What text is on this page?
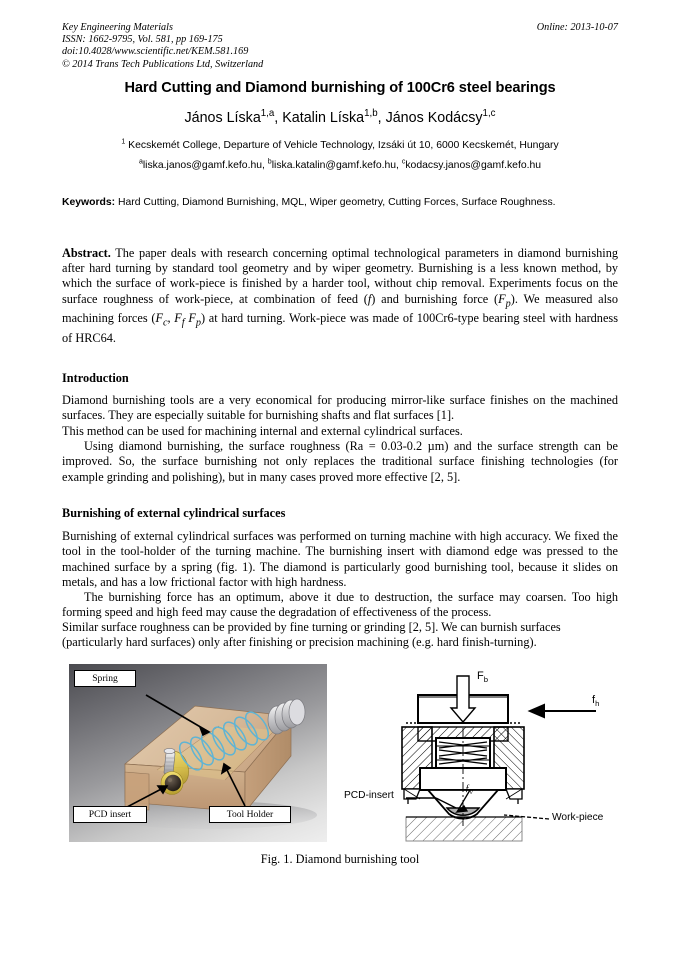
Key Engineering Materials
ISSN: 1662-9795, Vol. 581, pp 169-175
doi:10.4028/www.scientific.net/KEM.581.169
© 2014 Trans Tech Publications Ltd, Switzerland
Online: 2013-10-07
Hard Cutting and Diamond burnishing of 100Cr6 steel bearings
János Líska$^{1,a}$, Katalin Líska$^{1,b}$, János Kodácsy$^{1,c}$
$^1$ Kecskemét College, Departure of Vehicle Technology, Izsáki út 10, 6000 Kecskemét, Hungary
$^a$liska.janos@gamf.kefo.hu, $^b$liska.katalin@gamf.kefo.hu, $^c$kodacsy.janos@gamf.kefo.hu
Keywords: Hard Cutting, Diamond Burnishing, MQL, Wiper geometry, Cutting Forces, Surface Roughness.
Abstract. The paper deals with research concerning optimal technological parameters in diamond burnishing after hard turning by standard tool geometry and by wiper geometry. Burnishing is a less known method, by which the surface of work-piece is finished by a harder tool, without chip removal. Experiments focus on the surface roughness of work-piece, at combination of feed (f) and burnishing force $(F_p)$. We measured also machining forces ($F_c$, $F_f$ $F_p$) at hard turning. Work-piece was made of 100Cr6-type bearing steel with hardness of HRC64.
Introduction
Diamond burnishing tools are a very economical for producing mirror-like surface finishes on the machined surfaces. They are especially suitable for burnishing shafts and flat surfaces [1].
This method can be used for machining internal and external cylindrical surfaces.
Using diamond burnishing, the surface roughness (Ra = 0.03-0.2 µm) and the surface strength can be improved. So, the surface burnishing not only replaces the traditional surface finishing technologies (for example grinding and polishing), but in many cases proved more effective [2, 5].
Burnishing of external cylindrical surfaces
Burnishing of external cylindrical surfaces was performed on turning machine with high accuracy. We fixed the tool in the tool-holder of the turning machine. The burnishing insert with diamond edge was pressed to the machined surface by a spring (fig. 1). The diamond is particularly good burnishing tool, because it slides on metals, and has a low frictional factor with high hardness.
The burnishing force has an optimum, above it due to destruction, the surface may coarsen. Too high forming speed and high feed may cause the degradation of effectiveness of the process.
Similar surface roughness can be provided by fine turning or grinding [2, 5]. We can burnish surfaces (particularly hard surfaces) only after finishing or precision machining (e.g. hard finish-turning).
Spring
PCD insert	Tool Holder
$F_b$
$f_h$
$ƒ_v$
PCD-insert
Work-piece
Fig. 1. Diamond burnishing tool
